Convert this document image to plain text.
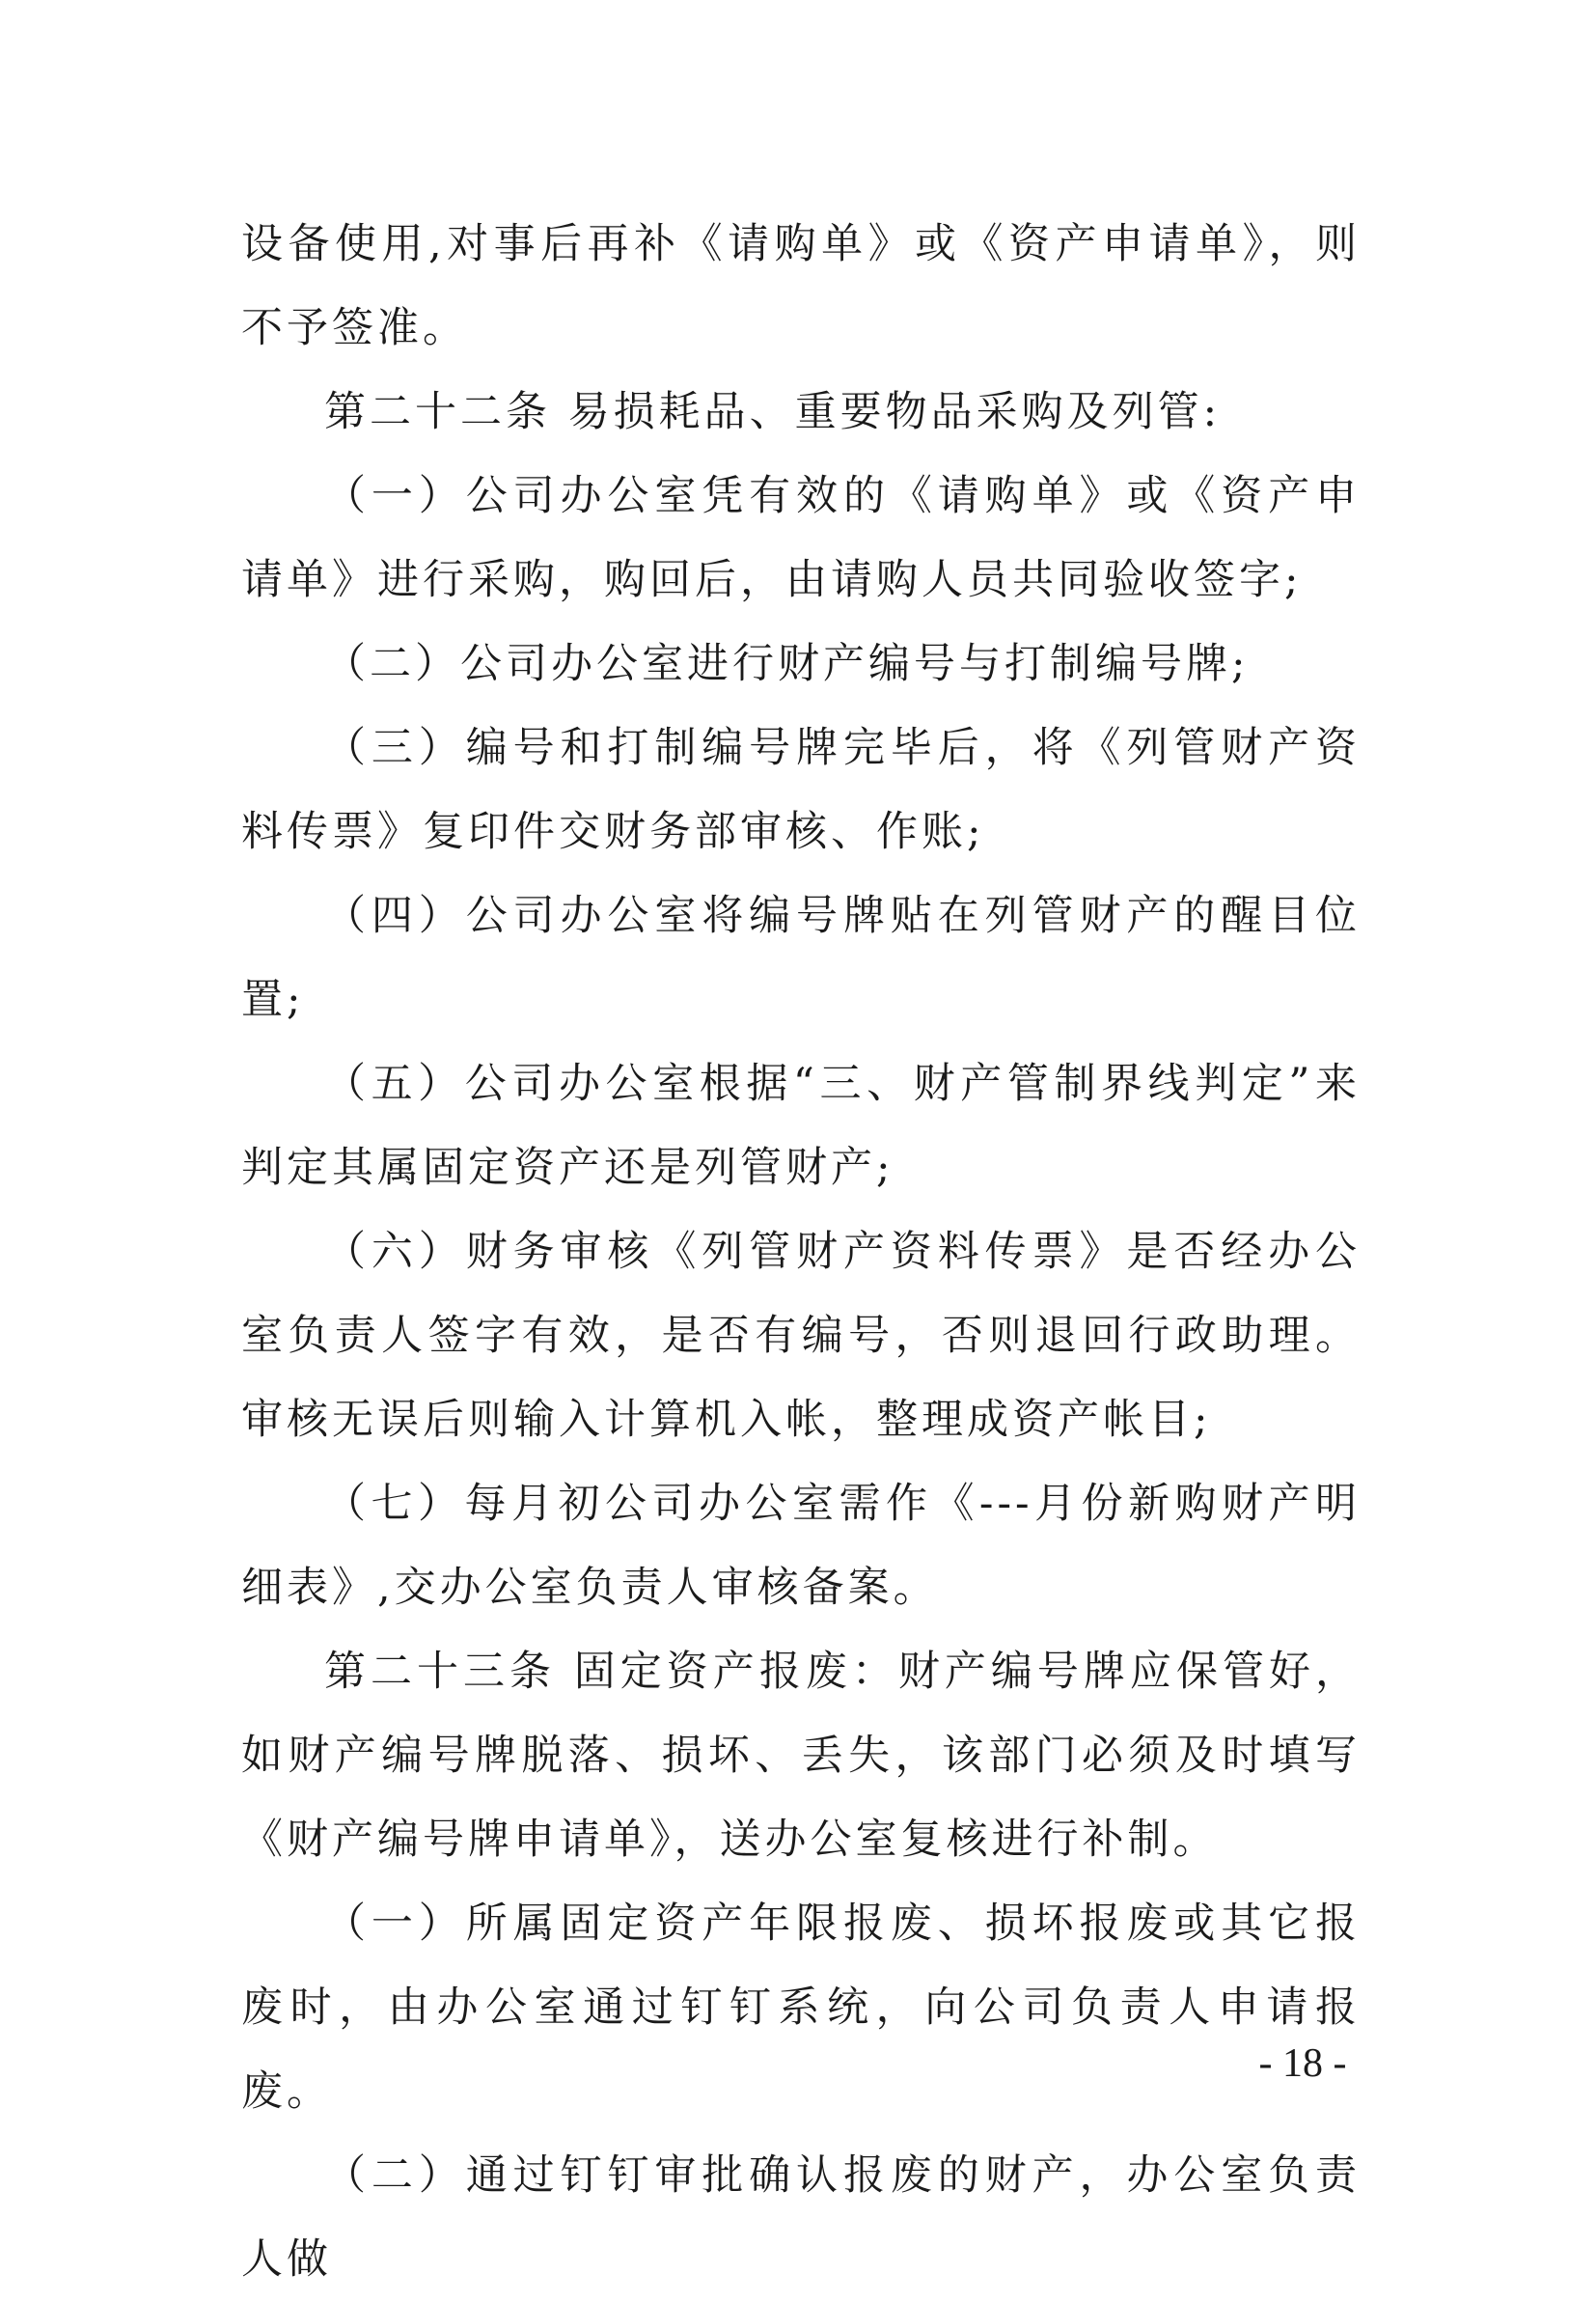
设备使用,对事后再补《请购单》或《资产申请单》，则不予签准。

第二十二条 易损耗品、重要物品采购及列管:

（一）公司办公室凭有效的《请购单》或《资产申请单》进行采购，购回后，由请购人员共同验收签字;

（二）公司办公室进行财产编号与打制编号牌;

（三）编号和打制编号牌完毕后，将《列管财产资料传票》复印件交财务部审核、作账;

（四）公司办公室将编号牌贴在列管财产的醒目位置;

（五）公司办公室根据“三、财产管制界线判定”来判定其属固定资产还是列管财产;

（六）财务审核《列管财产资料传票》是否经办公室负责人签字有效，是否有编号，否则退回行政助理。审核无误后则输入计算机入帐，整理成资产帐目;

（七）每月初公司办公室需作《---月份新购财产明细表》,交办公室负责人审核备案。

第二十三条 固定资产报废：财产编号牌应保管好，如财产编号牌脱落、损坏、丢失，该部门必须及时填写《财产编号牌申请单》，送办公室复核进行补制。

（一）所属固定资产年限报废、损坏报废或其它报废时，由办公室通过钉钉系统，向公司负责人申请报废。

（二）通过钉钉审批确认报废的财产，办公室负责人做

- 18 -
